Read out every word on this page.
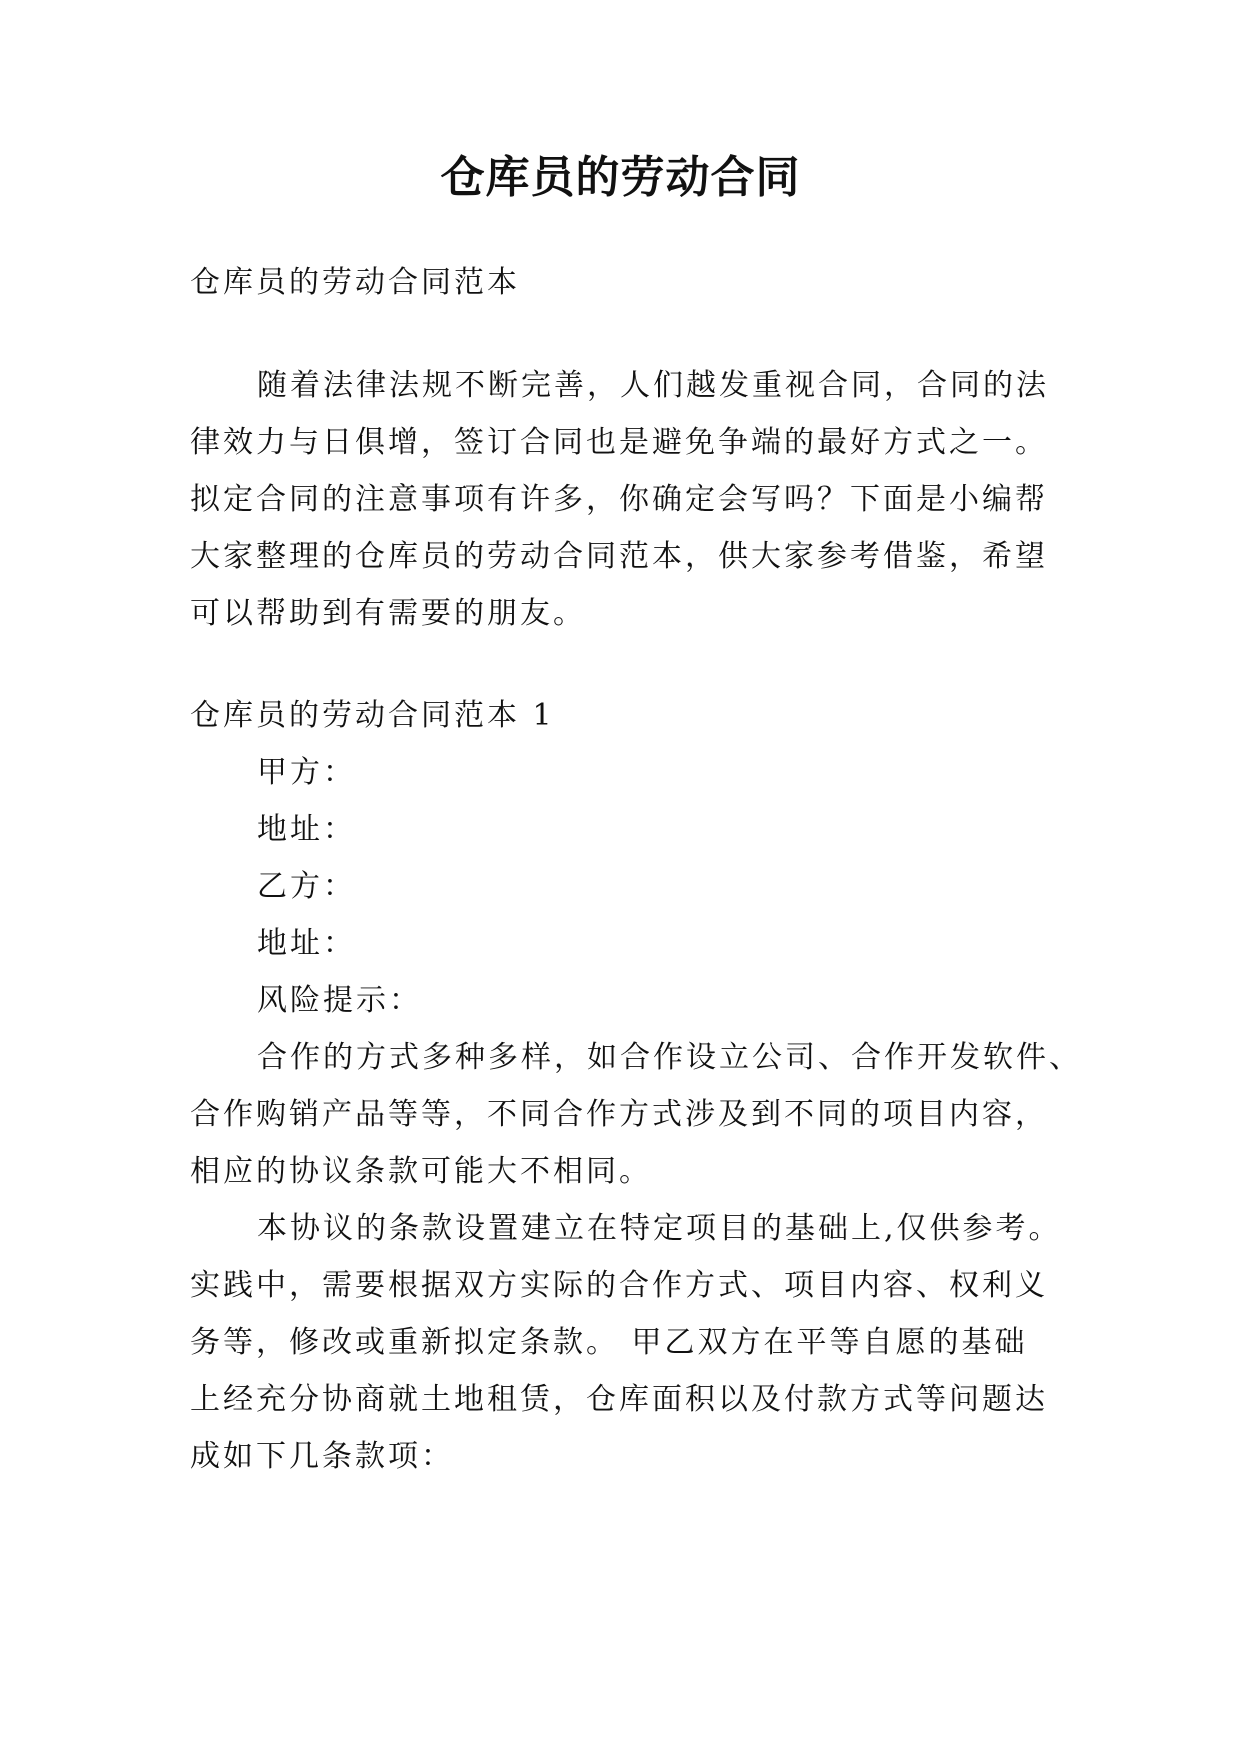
仓库员的劳动合同
仓库员的劳动合同范本
随着法律法规不断完善，人们越发重视合同，合同的法
律效力与日俱增，签订合同也是避免争端的最好方式之一。
拟定合同的注意事项有许多，你确定会写吗？下面是小编帮
大家整理的仓库员的劳动合同范本，供大家参考借鉴，希望
可以帮助到有需要的朋友。
仓库员的劳动合同范本 1
甲方：
地址：
乙方：
地址：
风险提示：
合作的方式多种多样，如合作设立公司、合作开发软件、
合作购销产品等等，不同合作方式涉及到不同的项目内容，
相应的协议条款可能大不相同。
本协议的条款设置建立在特定项目的基础上,仅供参考。
实践中，需要根据双方实际的合作方式、项目内容、权利义
务等，修改或重新拟定条款。 甲乙双方在平等自愿的基础
上经充分协商就土地租赁，仓库面积以及付款方式等问题达
成如下几条款项：
